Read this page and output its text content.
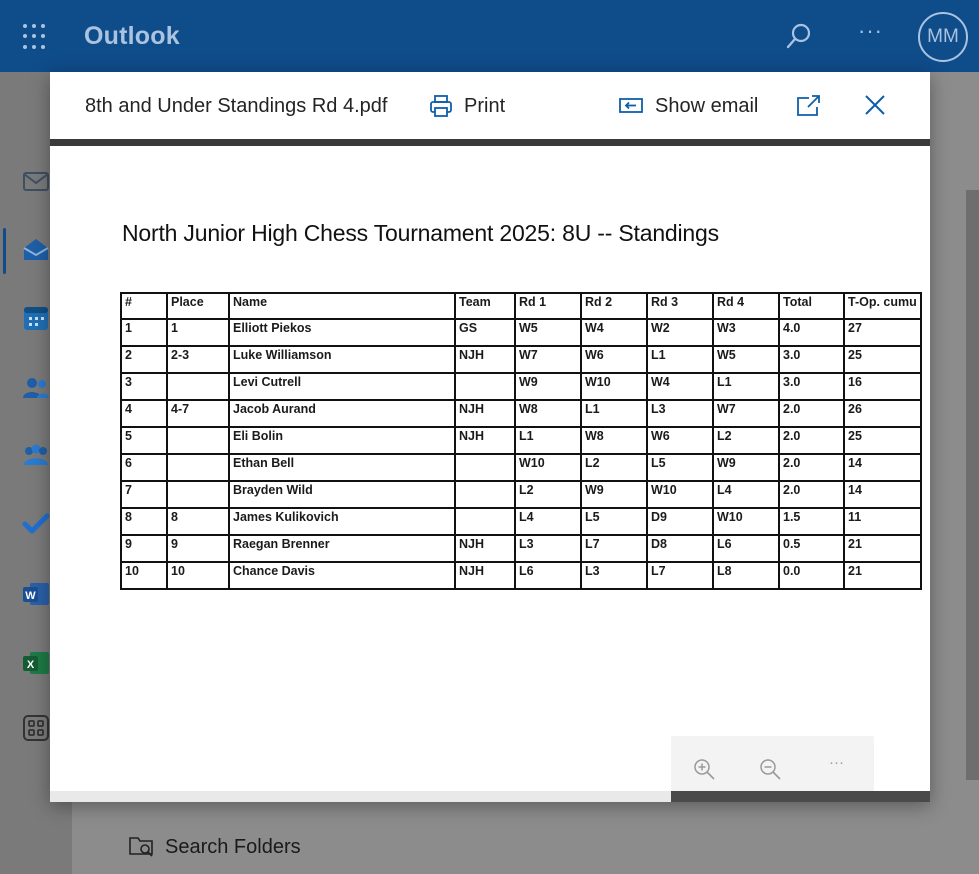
Outlook	···	MM
W
X
Search Folders
8th and Under Standings Rd 4.pdf	Print	Show email
North Junior High Chess Tournament 2025: 8U -- Standings
#	Place	Name	Team	Rd 1	Rd 2	Rd 3	Rd 4	Total	T-Op. cumu
1	1	Elliott Piekos	GS	W5	W4	W2	W3	4.0	27
2	2-3	Luke Williamson	NJH	W7	W6	L1	W5	3.0	25
3		Levi Cutrell		W9	W10	W4	L1	3.0	16
4	4-7	Jacob Aurand	NJH	W8	L1	L3	W7	2.0	26
5		Eli Bolin	NJH	L1	W8	W6	L2	2.0	25
6		Ethan Bell		W10	L2	L5	W9	2.0	14
7		Brayden Wild		L2	W9	W10	L4	2.0	14
8	8	James Kulikovich		L4	L5	D9	W10	1.5	11
9	9	Raegan Brenner	NJH	L3	L7	D8	L6	0.5	21
10	10	Chance Davis	NJH	L6	L3	L7	L8	0.0	21
···
